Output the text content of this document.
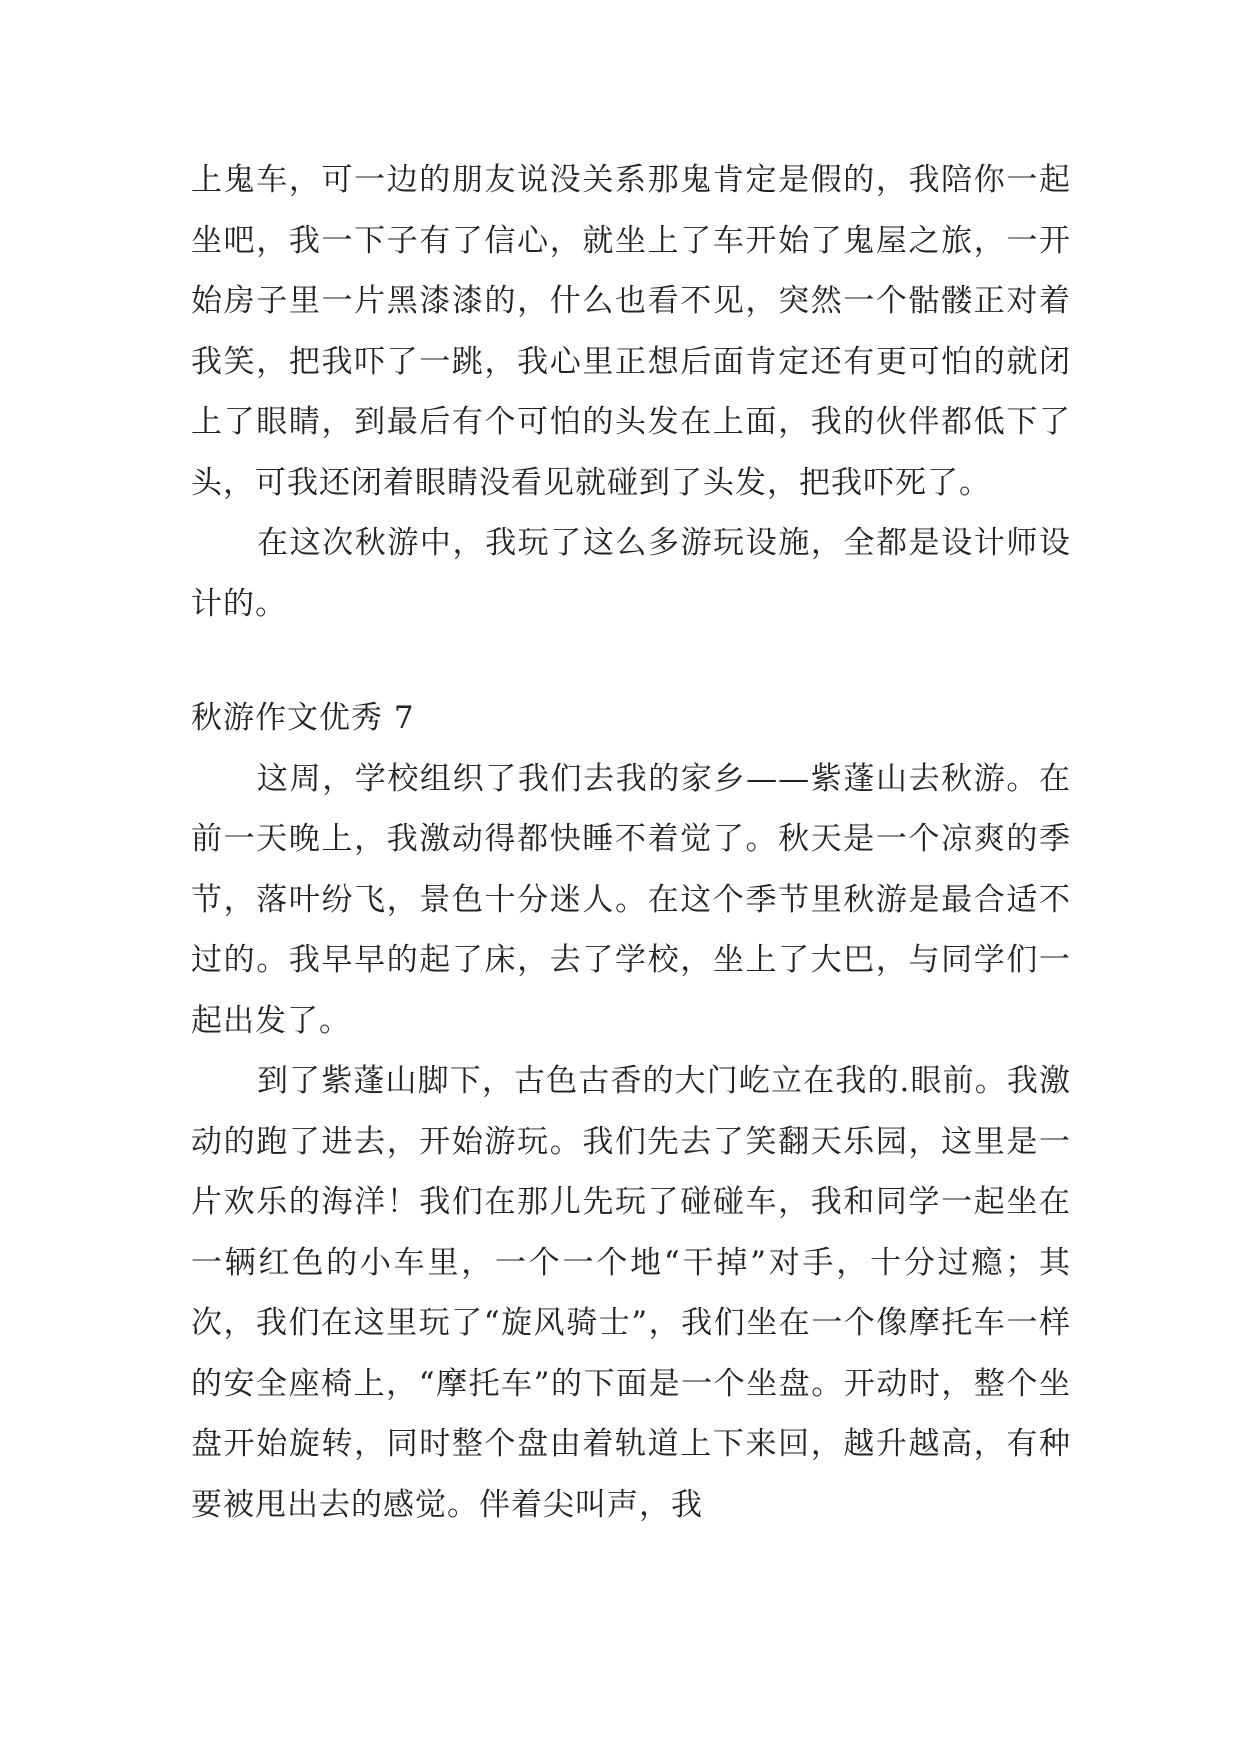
上鬼车，可一边的朋友说没关系那鬼肯定是假的，我陪你一起坐吧，我一下子有了信心，就坐上了车开始了鬼屋之旅，一开始房子里一片黑漆漆的，什么也看不见，突然一个骷髅正对着我笑，把我吓了一跳，我心里正想后面肯定还有更可怕的就闭上了眼睛，到最后有个可怕的头发在上面，我的伙伴都低下了头，可我还闭着眼睛没看见就碰到了头发，把我吓死了。

在这次秋游中，我玩了这么多游玩设施，全都是设计师设计的。

秋游作文优秀 7

这周，学校组织了我们去我的家乡——紫蓬山去秋游。在前一天晚上，我激动得都快睡不着觉了。秋天是一个凉爽的季节，落叶纷飞，景色十分迷人。在这个季节里秋游是最合适不过的。我早早的起了床，去了学校，坐上了大巴，与同学们一起出发了。

到了紫蓬山脚下，古色古香的大门屹立在我的.眼前。我激动的跑了进去，开始游玩。我们先去了笑翻天乐园，这里是一片欢乐的海洋！我们在那儿先玩了碰碰车，我和同学一起坐在一辆红色的小车里，一个一个地“干掉”对手，十分过瘾；其次，我们在这里玩了“旋风骑士”，我们坐在一个像摩托车一样的安全座椅上，“摩托车”的下面是一个坐盘。开动时，整个坐盘开始旋转，同时整个盘由着轨道上下来回，越升越高，有种要被甩出去的感觉。伴着尖叫声，我
